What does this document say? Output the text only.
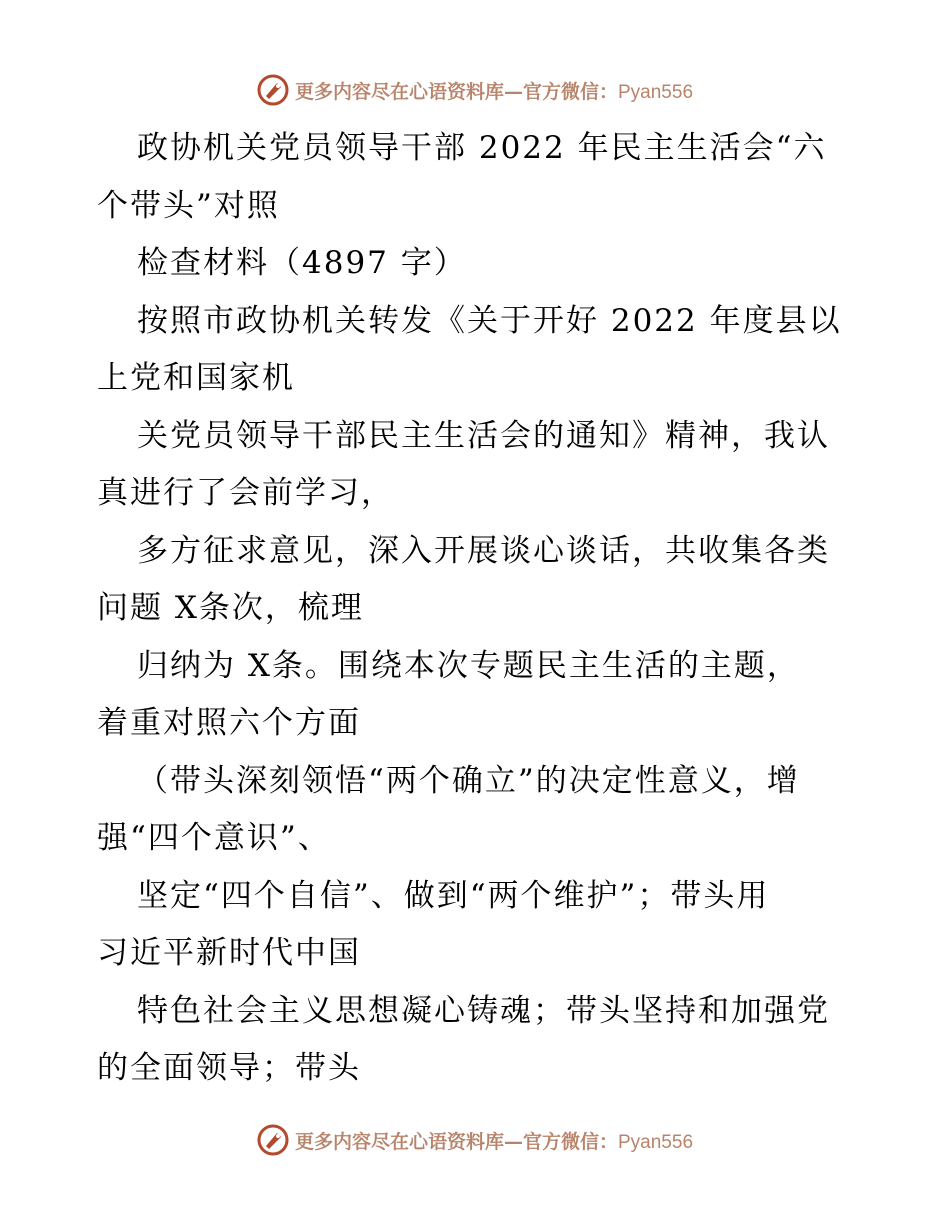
更多内容尽在心语资料库—官方微信：Pyan556

政协机关党员领导干部 2022 年民主生活会“六

个带头”对照

检查材料（4897 字）

按照市政协机关转发《关于开好 2022 年度县以

上党和国家机

关党员领导干部民主生活会的通知》精神，我认

真进行了会前学习，

多方征求意见，深入开展谈心谈话，共收集各类

问题 X条次，梳理

归纳为 X条。围绕本次专题民主生活的主题，

着重对照六个方面

（带头深刻领悟“两个确立”的决定性意义，增

强“四个意识”、

坚定“四个自信”、做到“两个维护”；带头用

习近平新时代中国

特色社会主义思想凝心铸魂；带头坚持和加强党

的全面领导；带头

更多内容尽在心语资料库—官方微信：Pyan556
